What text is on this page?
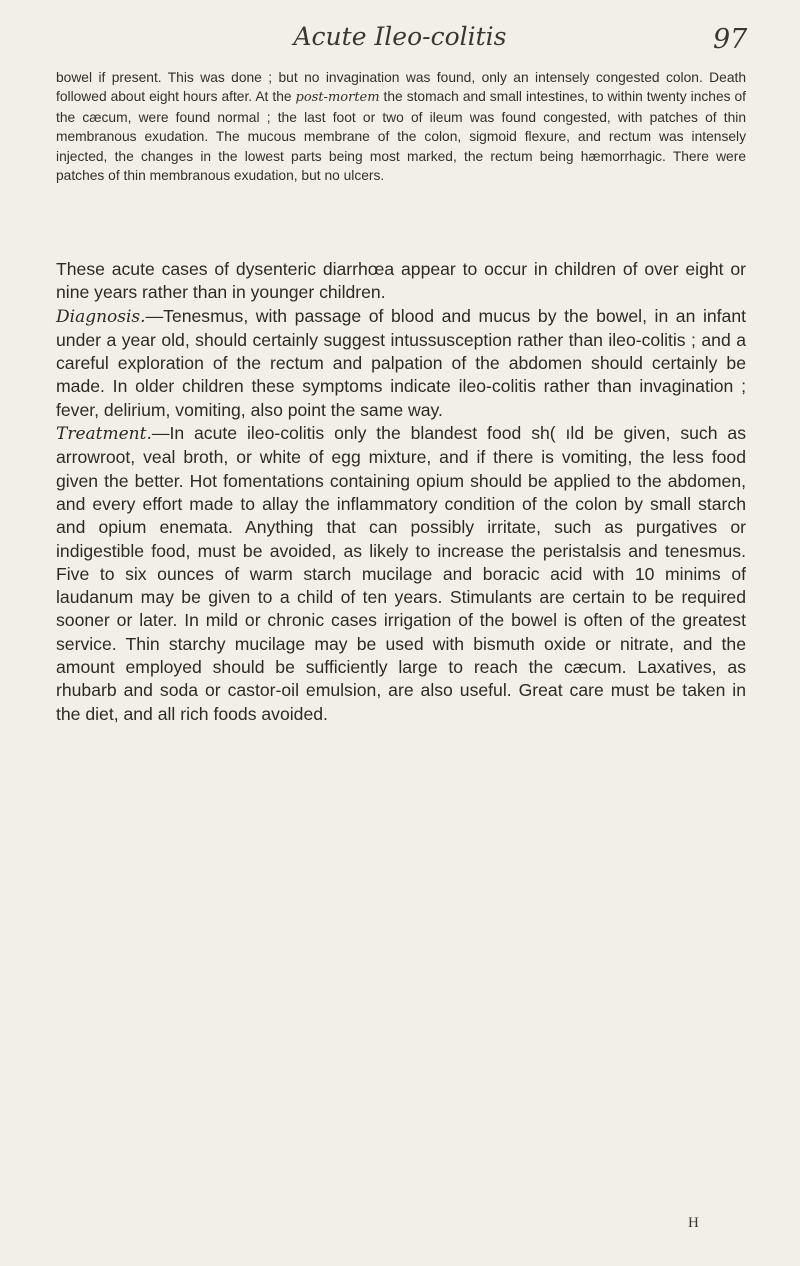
Acute Ileo-colitis	97

bowel if present. This was done ; but no invagination was found, only an intensely congested colon. Death followed about eight hours after. At the post-mortem the stomach and small intestines, to within twenty inches of the cæcum, were found normal ; the last foot or two of ileum was found congested, with patches of thin membranous exudation. The mucous membrane of the colon, sigmoid flexure, and rectum was intensely injected, the changes in the lowest parts being most marked, the rectum being hæmorrhagic. There were patches of thin membranous exudation, but no ulcers.

These acute cases of dysenteric diarrhœa appear to occur in children of over eight or nine years rather than in younger children.

Diagnosis.—Tenesmus, with passage of blood and mucus by the bowel, in an infant under a year old, should certainly suggest intussusception rather than ileo-colitis ; and a careful exploration of the rectum and palpation of the abdomen should certainly be made. In older children these symptoms indicate ileo-colitis rather than invagination ; fever, delirium, vomiting, also point the same way.

Treatment.—In acute ileo-colitis only the blandest food sh( ıld be given, such as arrowroot, veal broth, or white of egg mixture, and if there is vomiting, the less food given the better. Hot fomentations containing opium should be applied to the abdomen, and every effort made to allay the inflammatory condition of the colon by small starch and opium enemata. Anything that can possibly irritate, such as purgatives or indigestible food, must be avoided, as likely to increase the peristalsis and tenesmus. Five to six ounces of warm starch mucilage and boracic acid with 10 minims of laudanum may be given to a child of ten years. Stimulants are certain to be required sooner or later. In mild or chronic cases irrigation of the bowel is often of the greatest service. Thin starchy mucilage may be used with bismuth oxide or nitrate, and the amount employed should be sufficiently large to reach the cæcum. Laxatives, as rhubarb and soda or castor-oil emulsion, are also useful. Great care must be taken in the diet, and all rich foods avoided.

H
